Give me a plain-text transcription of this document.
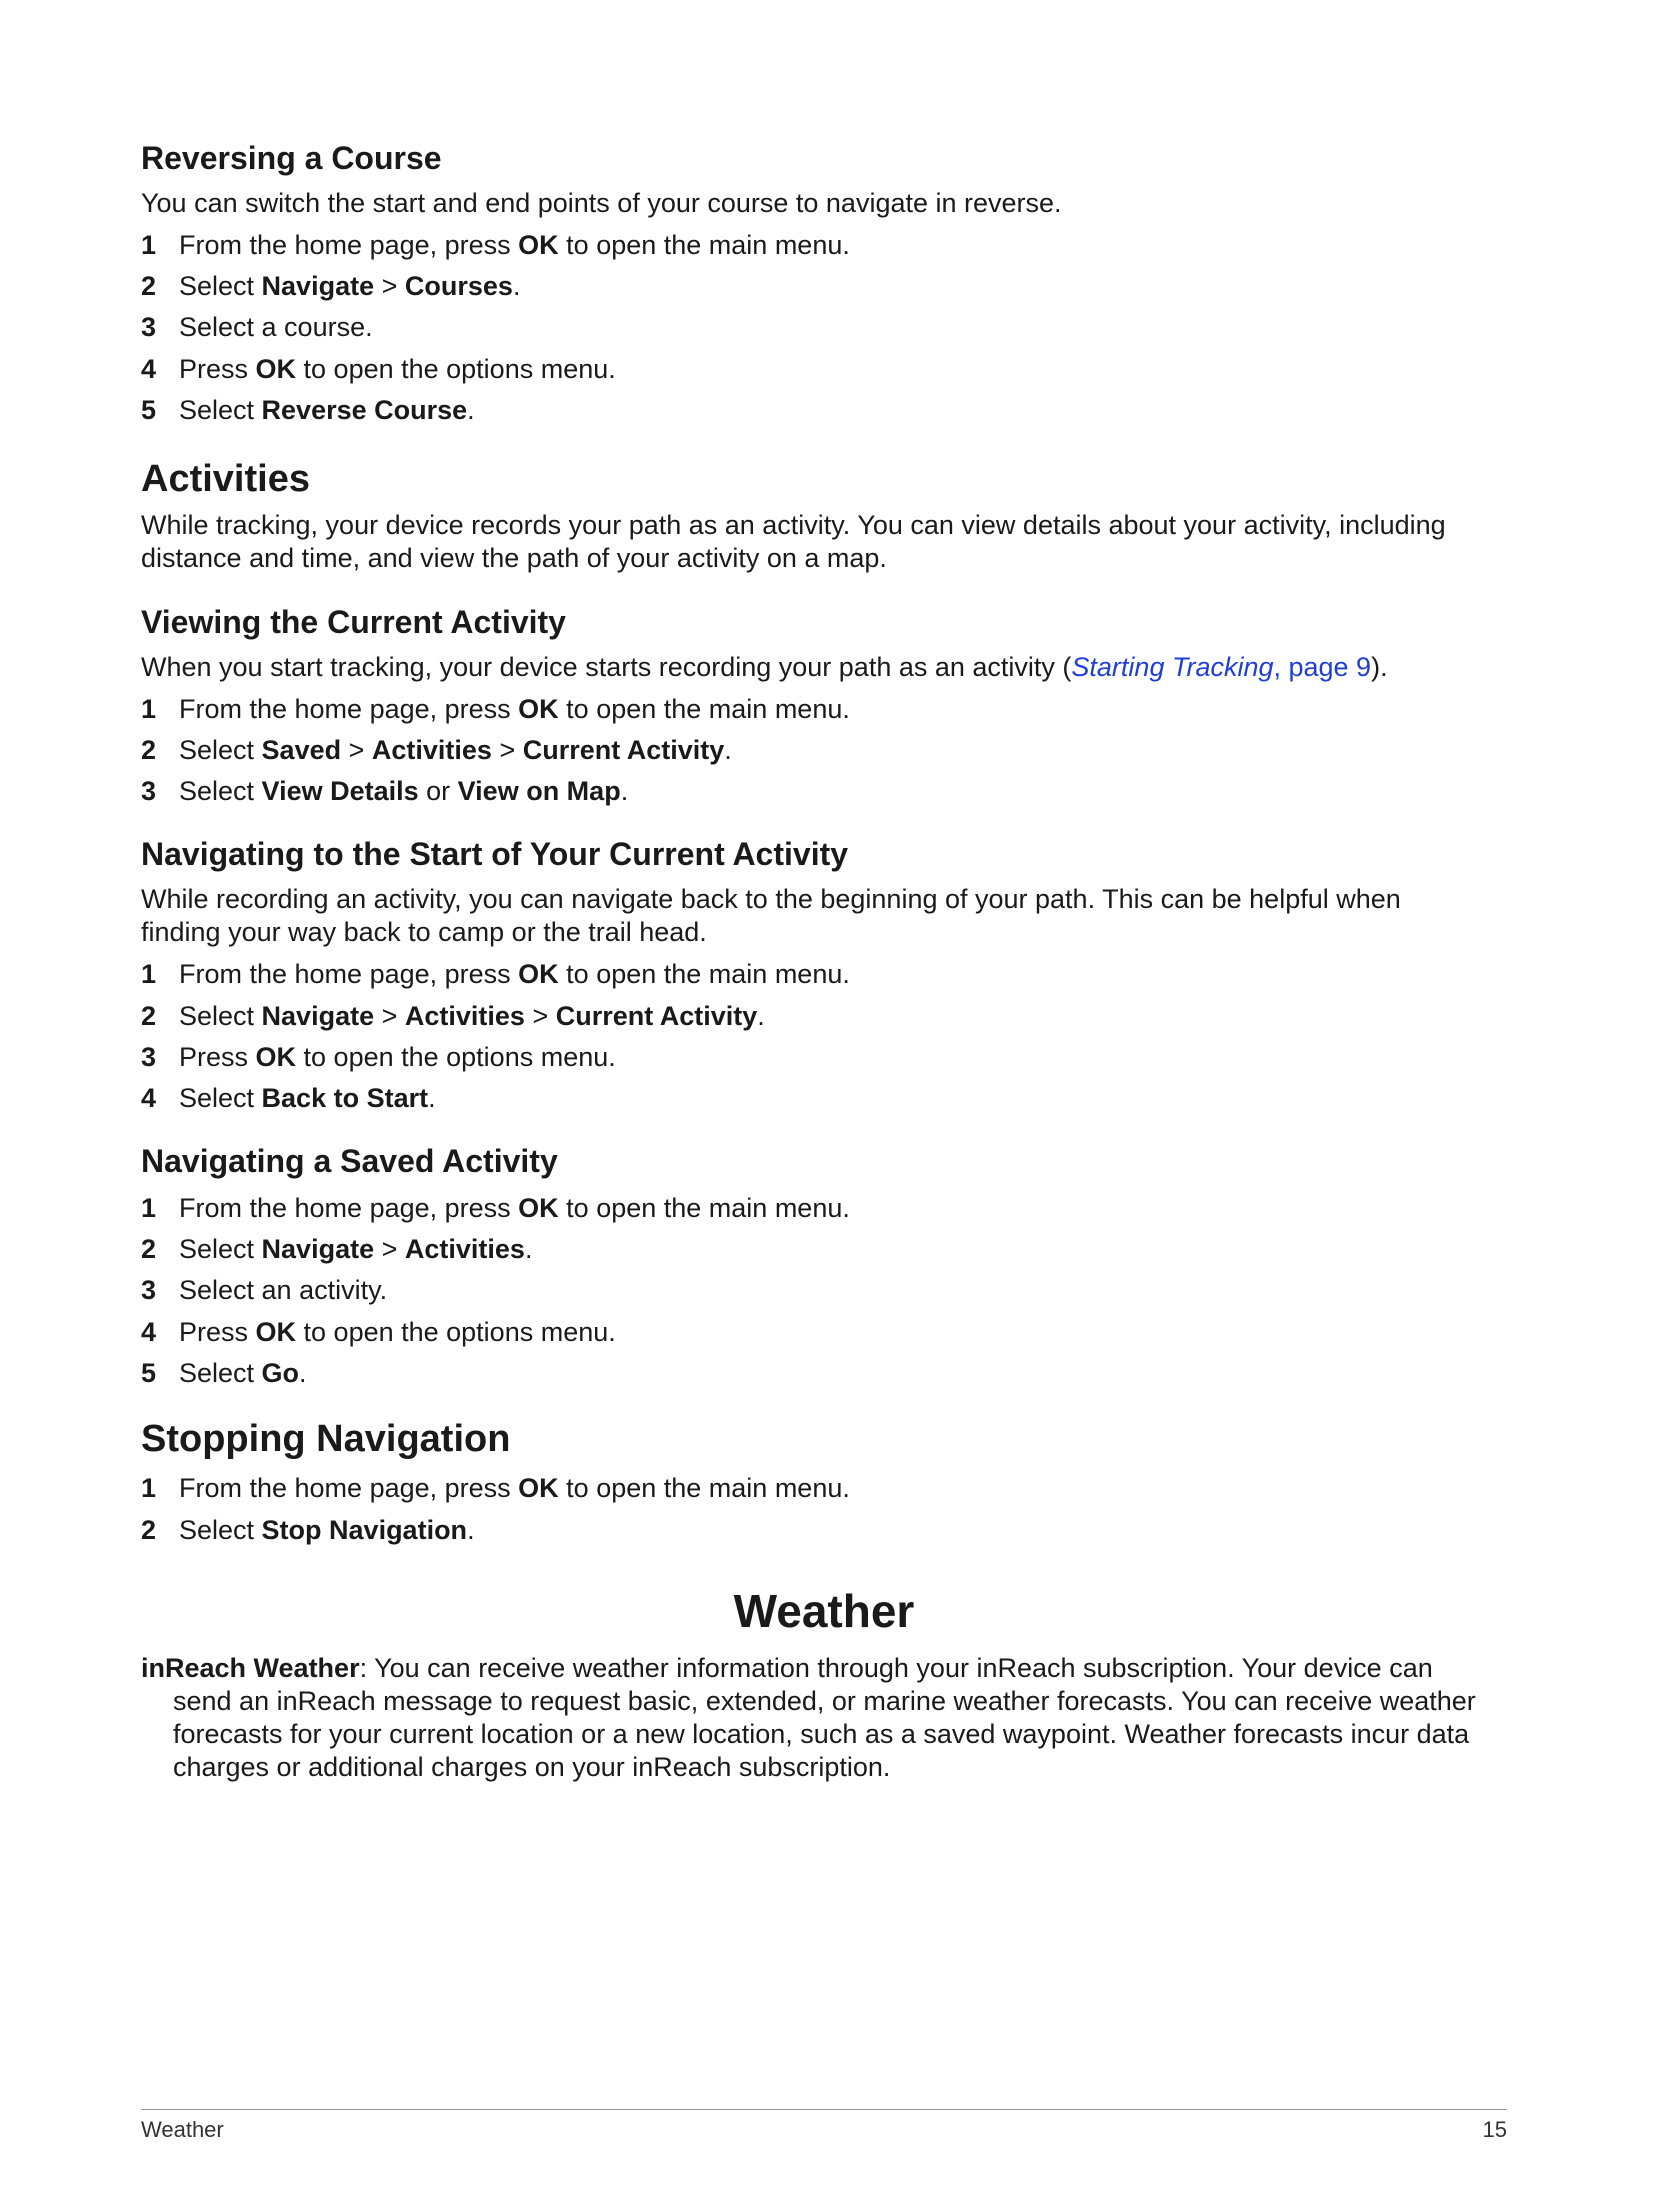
Reversing a Course

You can switch the start and end points of your course to navigate in reverse.

1 From the home page, press OK to open the main menu.
2 Select Navigate > Courses.
3 Select a course.
4 Press OK to open the options menu.
5 Select Reverse Course.
Activities

While tracking, your device records your path as an activity. You can view details about your activity, including

distance and time, and view the path of your activity on a map.

Viewing the Current Activity

When you start tracking, your device starts recording your path as an activity (Starting Tracking, page 9).

1 From the home page, press OK to open the main menu.
2 Select Saved > Activities > Current Activity.
3 Select View Details or View on Map.
Navigating to the Start of Your Current Activity

While recording an activity, you can navigate back to the beginning of your path. This can be helpful when

finding your way back to camp or the trail head.

1 From the home page, press OK to open the main menu.
2 Select Navigate > Activities > Current Activity.
3 Press OK to open the options menu.
4 Select Back to Start.
Navigating a Saved Activity
1 From the home page, press OK to open the main menu.
2 Select Navigate > Activities.
3 Select an activity.
4 Press OK to open the options menu.
5 Select Go.
Stopping Navigation
1 From the home page, press OK to open the main menu.
2 Select Stop Navigation.
Weather
inReach Weather: You can receive weather information through your inReach subscription. Your device can
send an inReach message to request basic, extended, or marine weather forecasts. You can receive weather
forecasts for your current location or a new location, such as a saved waypoint. Weather forecasts incur data
charges or additional charges on your inReach subscription.
Weather	15
